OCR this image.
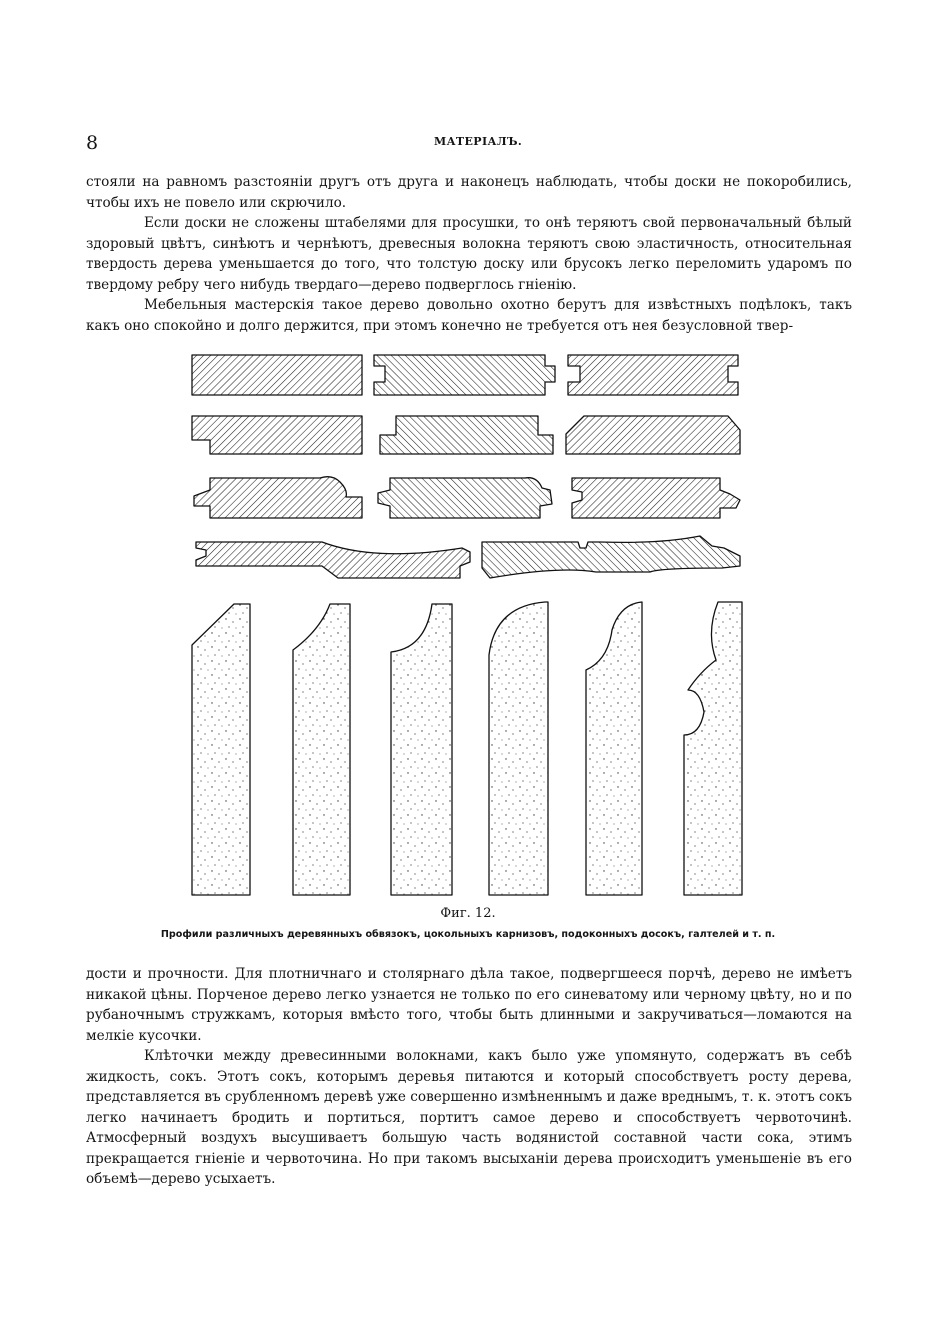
8	МАТЕРІАЛЪ.

стояли на равномъ разстояніи другъ отъ друга и наконецъ наблюдать, чтобы доски не покоробились, чтобы ихъ не повело или скрючило.

Если доски не сложены штабелями для просушки, то онѣ теряютъ свой первоначальный бѣлый здоровый цвѣтъ, синѣютъ и чернѣютъ, древесныя волокна теряютъ свою эластичность, относительная твердость дерева уменьшается до того, что толстую доску или брусокъ легко переломить ударомъ по твердому ребру чего нибудь твердаго—дерево подверглось гніенію.

Мебельныя мастерскія такое дерево довольно охотно берутъ для извѣстныхъ подѣлокъ, такъ какъ оно спокойно и долго держится, при этомъ конечно не требуется отъ нея безусловной твер-

Фиг. 12.
Профили различныхъ деревянныхъ обвязокъ, цокольныхъ карнизовъ, подоконныхъ досокъ, галтелей и т. п.

дости и прочности. Для плотничнаго и столярнаго дѣла такое, подвергшееся порчѣ, дерево не имѣетъ никакой цѣны. Порченое дерево легко узнается не только по его синеватому или черному цвѣту, но и по рубаночнымъ стружкамъ, которыя вмѣсто того, чтобы быть длинными и закручиваться—ломаются на мелкіе кусочки.

Клѣточки между древесинными волокнами, какъ было уже упомянуто, содержатъ въ себѣ жидкость, сокъ. Этотъ сокъ, которымъ деревья питаются и который способствуетъ росту дерева, представляется въ срубленномъ деревѣ уже совершенно измѣненнымъ и даже вреднымъ, т. к. этотъ сокъ легко начинаетъ бродить и портиться, портитъ самое дерево и способствуетъ червоточинѣ. Атмосферный воздухъ высушиваетъ большую часть водянистой составной части сока, этимъ прекращается гніеніе и червоточина. Но при такомъ высыханіи дерева происходитъ уменьшеніе въ его объемѣ—дерево усыхаетъ.
